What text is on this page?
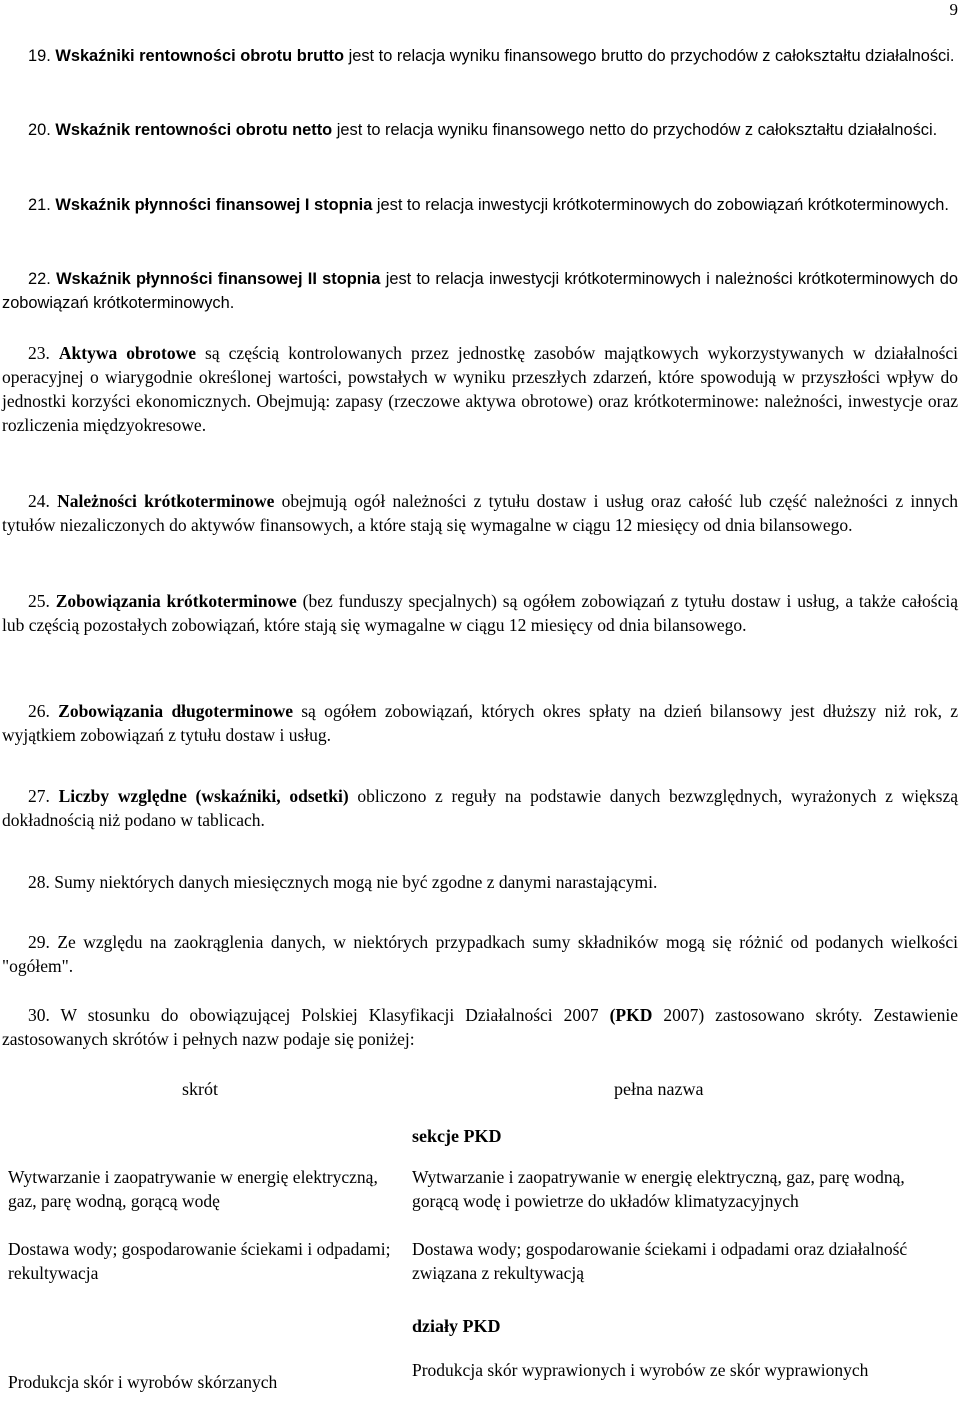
9

19. Wskaźniki rentowności obrotu brutto jest to relacja wyniku finansowego brutto do przychodów z całokształtu działalności.

20. Wskaźnik rentowności obrotu netto jest to relacja wyniku finansowego netto do przychodów z całokształtu działalności.

21. Wskaźnik płynności finansowej I stopnia jest to relacja inwestycji krótkoterminowych do zobowiązań krótkoterminowych.

22. Wskaźnik płynności finansowej II stopnia jest to relacja inwestycji krótkoterminowych i należności krótkoterminowych do zobowiązań krótkoterminowych.

23. Aktywa obrotowe są częścią kontrolowanych przez jednostkę zasobów majątkowych wykorzystywanych w działalności operacyjnej o wiarygodnie określonej wartości, powstałych w wyniku przeszłych zdarzeń, które spowodują w przyszłości wpływ do jednostki korzyści ekonomicznych. Obejmują: zapasy (rzeczowe aktywa obrotowe) oraz krótkoterminowe: należności, inwestycje oraz rozliczenia międzyokresowe.

24. Należności krótkoterminowe obejmują ogół należności z tytułu dostaw i usług oraz całość lub część należności z innych tytułów niezaliczonych do aktywów finansowych, a które stają się wymagalne w ciągu 12 miesięcy od dnia bilansowego.

25. Zobowiązania krótkoterminowe (bez funduszy specjalnych) są ogółem zobowiązań z tytułu dostaw i usług, a także całością lub częścią pozostałych zobowiązań, które stają się wymagalne w ciągu 12 miesięcy od dnia bilansowego.

26. Zobowiązania długoterminowe są ogółem zobowiązań, których okres spłaty na dzień bilansowy jest dłuższy niż rok, z wyjątkiem zobowiązań z tytułu dostaw i usług.

27. Liczby względne (wskaźniki, odsetki) obliczono z reguły na podstawie danych bezwzględnych, wyrażonych z większą dokładnością niż podano w tablicach.

28. Sumy niektórych danych miesięcznych mogą nie być zgodne z danymi narastającymi.

29. Ze względu na zaokrąglenia danych, w niektórych przypadkach sumy składników mogą się różnić od podanych wielkości "ogółem".

30. W stosunku do obowiązującej Polskiej Klasyfikacji Działalności 2007 (PKD 2007) zastosowano skróty. Zestawienie zastosowanych skrótów i pełnych nazw podaje się poniżej:

skrót	pełna nazwa
sekcje PKD
Wytwarzanie i zaopatrywanie w energię elektryczną, gaz, parę wodną, gorącą wodę
Wytwarzanie i zaopatrywanie w energię elektryczną, gaz, parę wodną, gorącą wodę i powietrze do układów klimatyzacyjnych
Dostawa wody; gospodarowanie ściekami i odpadami; rekultywacja
Dostawa wody; gospodarowanie ściekami i odpadami oraz działalność związana z rekultywacją
działy PKD
Produkcja skór i wyrobów skórzanych
Produkcja skór wyprawionych i wyrobów ze skór wyprawionych
